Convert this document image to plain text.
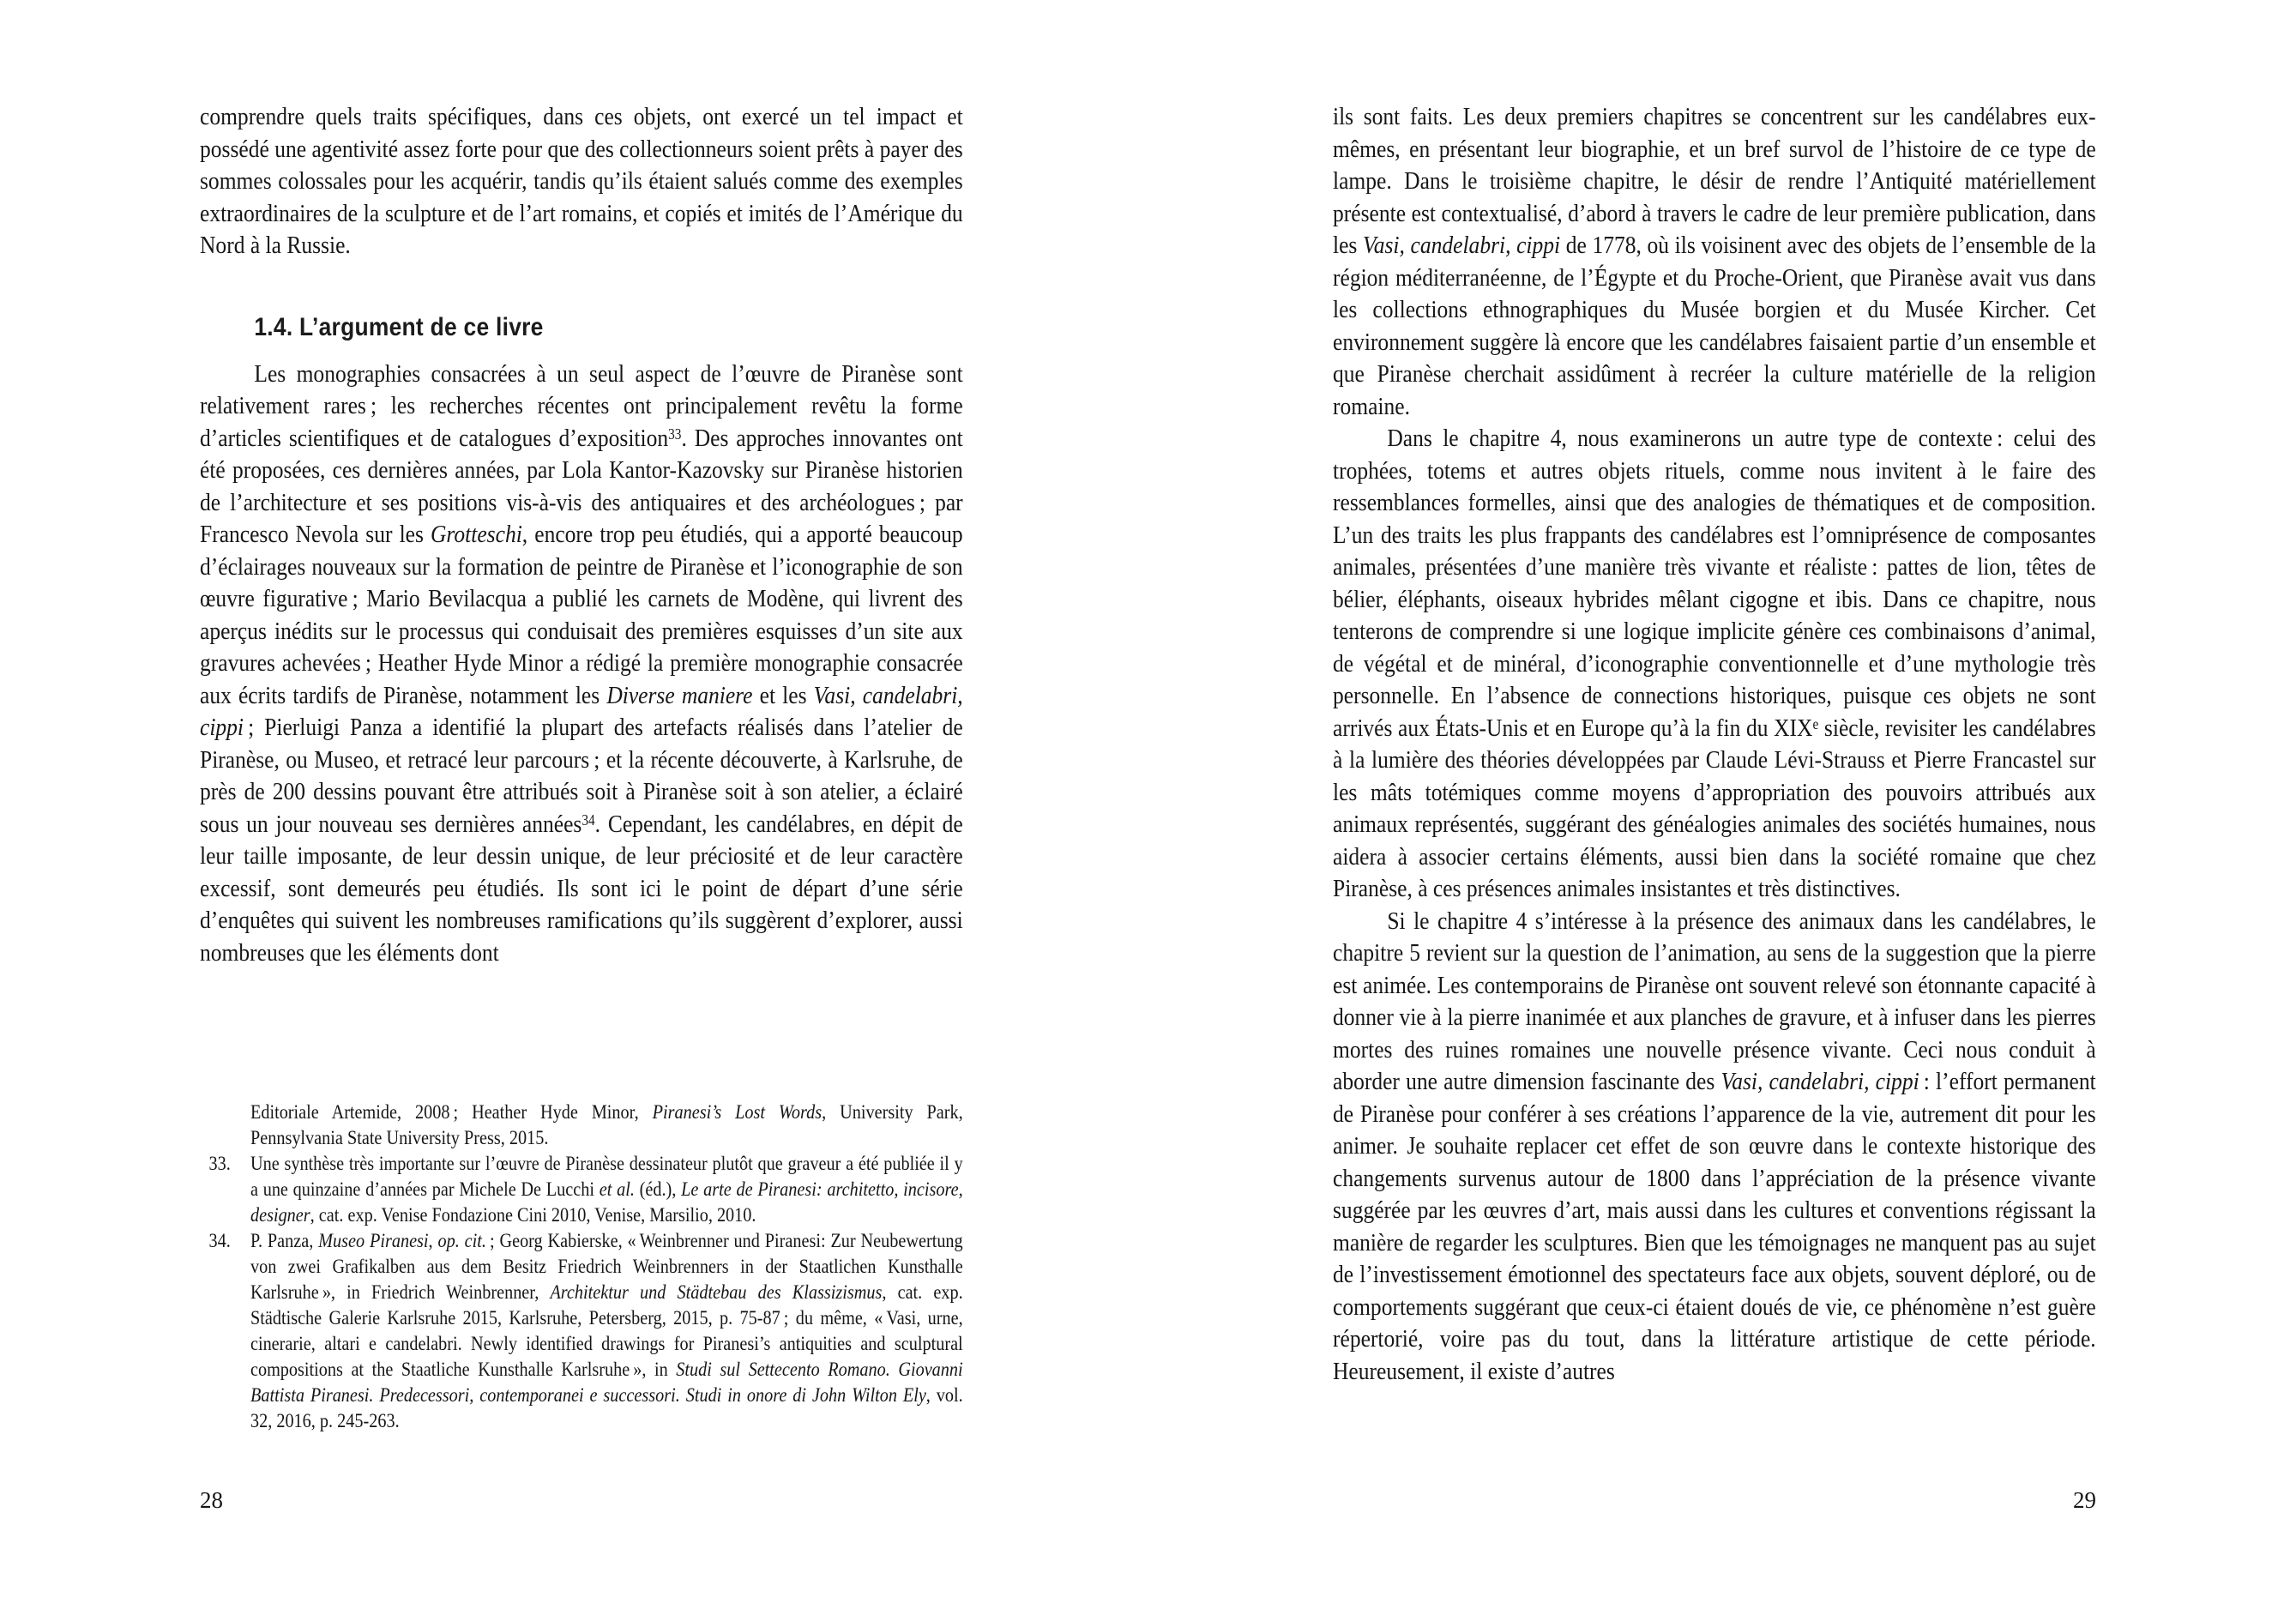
comprendre quels traits spécifiques, dans ces objets, ont exercé un tel impact et possédé une agentivité assez forte pour que des collectionneurs soient prêts à payer des sommes colossales pour les acquérir, tandis qu’ils étaient salués comme des exemples extraordinaires de la sculpture et de l’art romains, et copiés et imités de l’Amérique du Nord à la Russie.

1.4. L’argument de ce livre

Les monographies consacrées à un seul aspect de l’œuvre de Piranèse sont relativement rares ; les recherches récentes ont principalement revêtu la forme d’articles scientifiques et de catalogues d’exposition$^{33}$. Des approches innovantes ont été proposées, ces dernières années, par Lola Kantor-Kazovsky sur Piranèse historien de l’architecture et ses positions vis-à-vis des antiquaires et des archéologues ; par Francesco Nevola sur les Grotteschi, encore trop peu étudiés, qui a apporté beaucoup d’éclairages nouveaux sur la formation de peintre de Piranèse et l’iconographie de son œuvre figurative ; Mario Bevilacqua a publié les carnets de Modène, qui livrent des aperçus inédits sur le processus qui conduisait des premières esquisses d’un site aux gravures achevées ; Heather Hyde Minor a rédigé la première monographie consacrée aux écrits tardifs de Piranèse, notamment les Diverse maniere et les Vasi, candelabri, cippi ; Pierluigi Panza a identifié la plupart des artefacts réalisés dans l’atelier de Piranèse, ou Museo, et retracé leur parcours ; et la récente découverte, à Karlsruhe, de près de 200 dessins pouvant être attribués soit à Piranèse soit à son atelier, a éclairé sous un jour nouveau ses dernières années$^{34}$. Cependant, les candélabres, en dépit de leur taille imposante, de leur dessin unique, de leur préciosité et de leur caractère excessif, sont demeurés peu étudiés. Ils sont ici le point de départ d’une série d’enquêtes qui suivent les nombreuses ramifications qu’ils suggèrent d’explorer, aussi nombreuses que les éléments dont

Editoriale Artemide, 2008 ; Heather Hyde Minor, Piranesi’s Lost Words, University Park, Pennsylvania State University Press, 2015.

33. Une synthèse très importante sur l’œuvre de Piranèse dessinateur plutôt que graveur a été publiée il y a une quinzaine d’années par Michele De Lucchi et al. (éd.), Le arte de Piranesi: architetto, incisore, designer, cat. exp. Venise Fondazione Cini 2010, Venise, Marsilio, 2010.

34. P. Panza, Museo Piranesi, op. cit. ; Georg Kabierske, « Weinbrenner und Piranesi: Zur Neubewertung von zwei Grafikalben aus dem Besitz Friedrich Weinbrenners in der Staatlichen Kunsthalle Karlsruhe », in Friedrich Weinbrenner, Architektur und Städtebau des Klassizismus, cat. exp. Städtische Galerie Karlsruhe 2015, Karlsruhe, Petersberg, 2015, p. 75-87 ; du même, « Vasi, urne, cinerarie, altari e candelabri. Newly identified drawings for Piranesi’s antiquities and sculptural compositions at the Staatliche Kunsthalle Karlsruhe », in Studi sul Settecento Romano. Giovanni Battista Piranesi. Predecessori, contemporanei e successori. Studi in onore di John Wilton Ely, vol. 32, 2016, p. 245-263.

28

ils sont faits. Les deux premiers chapitres se concentrent sur les candélabres eux-mêmes, en présentant leur biographie, et un bref survol de l’histoire de ce type de lampe. Dans le troisième chapitre, le désir de rendre l’Antiquité matériellement présente est contextualisé, d’abord à travers le cadre de leur première publication, dans les Vasi, candelabri, cippi de 1778, où ils voisinent avec des objets de l’ensemble de la région méditerranéenne, de l’Égypte et du Proche-Orient, que Piranèse avait vus dans les collections ethnographiques du Musée borgien et du Musée Kircher. Cet environnement suggère là encore que les candélabres faisaient partie d’un ensemble et que Piranèse cherchait assidûment à recréer la culture matérielle de la religion romaine.

Dans le chapitre 4, nous examinerons un autre type de contexte : celui des trophées, totems et autres objets rituels, comme nous invitent à le faire des ressemblances formelles, ainsi que des analogies de thématiques et de composition. L’un des traits les plus frappants des candélabres est l’omniprésence de composantes animales, présentées d’une manière très vivante et réaliste : pattes de lion, têtes de bélier, éléphants, oiseaux hybrides mêlant cigogne et ibis. Dans ce chapitre, nous tenterons de comprendre si une logique implicite génère ces combinaisons d’animal, de végétal et de minéral, d’iconographie conventionnelle et d’une mythologie très personnelle. En l’absence de connections historiques, puisque ces objets ne sont arrivés aux États-Unis et en Europe qu’à la fin du XIXe siècle, revisiter les candélabres à la lumière des théories développées par Claude Lévi-Strauss et Pierre Francastel sur les mâts totémiques comme moyens d’appropriation des pouvoirs attribués aux animaux représentés, suggérant des généalogies animales des sociétés humaines, nous aidera à associer certains éléments, aussi bien dans la société romaine que chez Piranèse, à ces présences animales insistantes et très distinctives.

Si le chapitre 4 s’intéresse à la présence des animaux dans les candélabres, le chapitre 5 revient sur la question de l’animation, au sens de la suggestion que la pierre est animée. Les contemporains de Piranèse ont souvent relevé son étonnante capacité à donner vie à la pierre inanimée et aux planches de gravure, et à infuser dans les pierres mortes des ruines romaines une nouvelle présence vivante. Ceci nous conduit à aborder une autre dimension fascinante des Vasi, candelabri, cippi : l’effort permanent de Piranèse pour conférer à ses créations l’apparence de la vie, autrement dit pour les animer. Je souhaite replacer cet effet de son œuvre dans le contexte historique des changements survenus autour de 1800 dans l’appréciation de la présence vivante suggérée par les œuvres d’art, mais aussi dans les cultures et conventions régissant la manière de regarder les sculptures. Bien que les témoignages ne manquent pas au sujet de l’investissement émotionnel des spectateurs face aux objets, souvent déploré, ou de comportements suggérant que ceux-ci étaient doués de vie, ce phénomène n’est guère répertorié, voire pas du tout, dans la littérature artistique de cette période. Heureusement, il existe d’autres

29
